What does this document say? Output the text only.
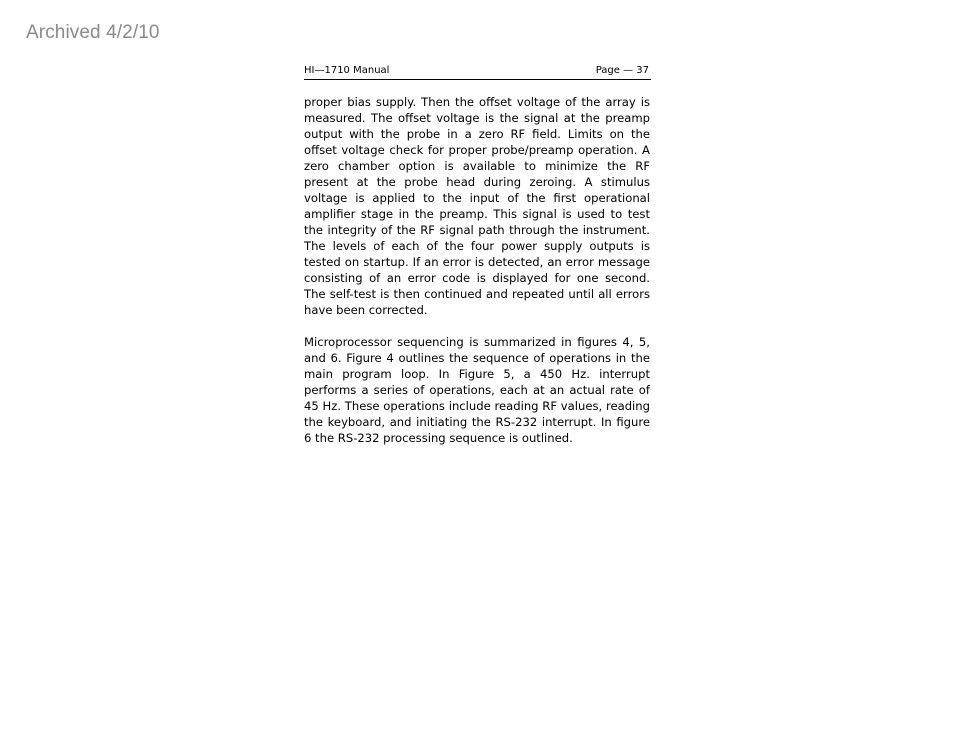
Archived 4/2/10
HI—1710 Manual	Page — 37

proper bias supply. Then the offset voltage of the array is measured. The offset voltage is the signal at the preamp output with the probe in a zero RF field. Limits on the offset voltage check for proper probe/preamp operation. A zero chamber option is available to minimize the RF present at the probe head during zeroing. A stimulus voltage is applied to the input of the first operational amplifier stage in the preamp. This signal is used to test the integrity of the RF signal path through the instrument. The levels of each of the four power supply outputs is tested on startup. If an error is detected, an error message consisting of an error code is displayed for one second. The self-test is then continued and repeated until all errors have been corrected.

Microprocessor sequencing is summarized in figures 4, 5, and 6. Figure 4 outlines the sequence of operations in the main program loop. In Figure 5, a 450 Hz. interrupt performs a series of operations, each at an actual rate of 45 Hz. These operations include reading RF values, reading the keyboard, and initiating the RS-232 interrupt. In figure 6 the RS-232 processing sequence is outlined.
